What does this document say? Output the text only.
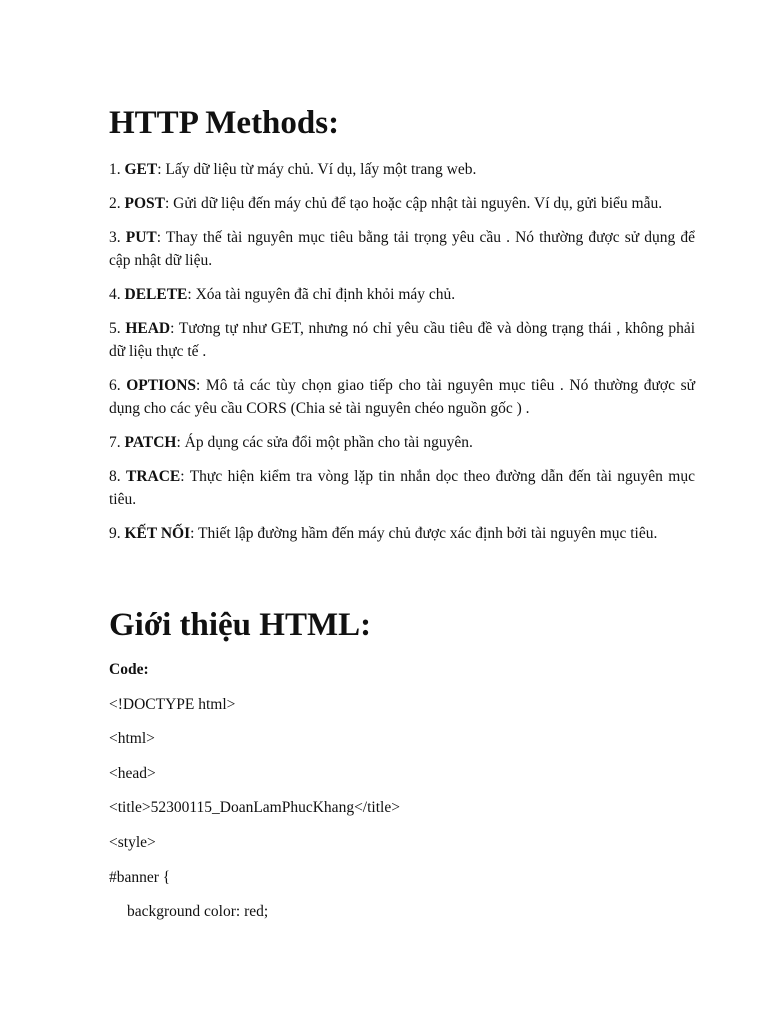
HTTP Methods:
1. GET: Lấy dữ liệu từ máy chủ. Ví dụ, lấy một trang web.
2. POST: Gửi dữ liệu đến máy chủ để tạo hoặc cập nhật tài nguyên. Ví dụ, gửi biểu mẫu.
3. PUT: Thay thế tài nguyên mục tiêu bằng tải trọng yêu cầu . Nó thường được sử dụng để cập nhật dữ liệu.
4. DELETE: Xóa tài nguyên đã chỉ định khỏi máy chủ.
5. HEAD: Tương tự như GET, nhưng nó chỉ yêu cầu tiêu đề và dòng trạng thái , không phải dữ liệu thực tế .
6. OPTIONS: Mô tả các tùy chọn giao tiếp cho tài nguyên mục tiêu . Nó thường được sử dụng cho các yêu cầu CORS (Chia sẻ tài nguyên chéo nguồn gốc ) .
7. PATCH: Áp dụng các sửa đổi một phần cho tài nguyên.
8. TRACE: Thực hiện kiểm tra vòng lặp tin nhắn dọc theo đường dẫn đến tài nguyên mục tiêu.
9. KẾT NỐI: Thiết lập đường hầm đến máy chủ được xác định bởi tài nguyên mục tiêu.
Giới thiệu HTML:
Code:
<!DOCTYPE html>
<html>
<head>
<title>52300115_DoanLamPhucKhang</title>
<style>
#banner {
background color: red;
